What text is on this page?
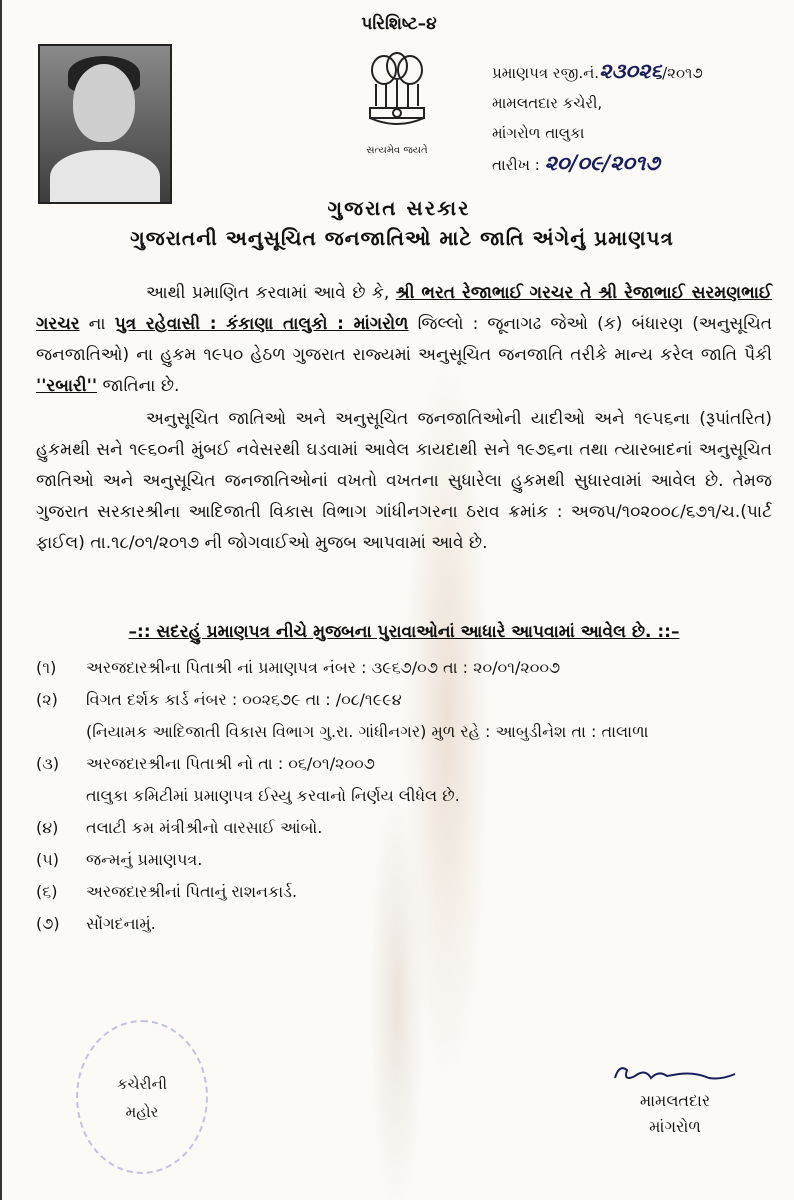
પરિશિષ્ટ–૪
સત્યમેવ જયતે
પ્રમાણપત્ર રજી.નં.૨૩૦૨૬/૨૦૧૭
મામલતદાર કચેરી,
માંગરોળ તાલુકા
તારીખ : ૨૦/૦૯/૨૦૧૭
ગુજરાત સરકાર
ગુજરાતની અનુસૂચિત જનજાતિઓ માટે જાતિ અંગેનું પ્રમાણપત્ર

આથી પ્રમાણિત કરવામાં આવે છે કે, શ્રી ભરત રેજાભાઈ ગરચર તે શ્રી રેજાભાઈ સરમણભાઈ ગરચર ના પુત્ર રહેવાસી : કંકાણા તાલુકો : માંગરોળ જિલ્લો : જૂનાગઢ જેઓ (ક) બંધારણ (અનુસૂચિત જનજાતિઓ) ના હુકમ ૧૯૫૦ હેઠળ ગુજરાત રાજ્યમાં અનુસૂચિત જનજાતિ તરીકે માન્ય કરેલ જાતિ પૈકી ''રબારી'' જાતિના છે.

અનુસૂચિત જાતિઓ અને અનુસૂચિત જનજાતિઓની યાદીઓ અને ૧૯૫૬ના (રૂપાંતરિત) હુકમથી સને ૧૯૬૦ની મુંબઈ નવેસરથી ઘડવામાં આવેલ કાયદાથી સને ૧૯૭૬ના તથા ત્યારબાદનાં અનુસૂચિત જાતિઓ અને અનુસૂચિત જનજાતિઓનાં વખતો વખતના સુધારેલા હુકમથી સુધારવામાં આવેલ છે. તેમજ ગુજરાત સરકારશ્રીના આદિજાતી વિકાસ વિભાગ ગાંધીનગરના ઠરાવ ક્રમાંક : અજપ/૧૦૨૦૦૮/૬૭૧/ચ.(પાર્ટ ફાઈલ) તા.૧૮/૦૧/૨૦૧૭ ની જોગવાઈઓ મુજબ આપવામાં આવે છે.

–:: સદરહું પ્રમાણપત્ર નીચે મુજબના પુરાવાઓનાં આધારે આપવામાં આવેલ છે. ::–
(૧)	અરજદારશ્રીના પિતાશ્રી નાં પ્રમાણપત્ર નંબર : ૩૯૬૭/૦૭ તા : ૨૦/૦૧/૨૦૦૭
(૨)	વિગત દર્શક કાર્ડ નંબર : ૦૦૨૬૭૯ તા : /૦૮/૧૯૯૪
(નિયામક આદિજાતી વિકાસ વિભાગ ગુ.રા. ગાંધીનગર) મુળ રહે : આબુડીનેશ તા : તાલાળા
(૩)	અરજદારશ્રીના પિતાશ્રી નો તા : ૦૬/૦૧/૨૦૦૭
તાલુકા કમિટીમાં પ્રમાણપત્ર ઈસ્યુ કરવાનો નિર્ણય લીધેલ છે.
(૪)	તલાટી કમ મંત્રીશ્રીનો વારસાઈ આંબો.
(૫)	જન્મનું પ્રમાણપત્ર.
(૬)	અરજદારશ્રીનાં પિતાનું રાશનકાર્ડ.
(૭)	સોંગદનામું.
કચેરીની
મહોર
મામલતદાર
માંગરોળ
